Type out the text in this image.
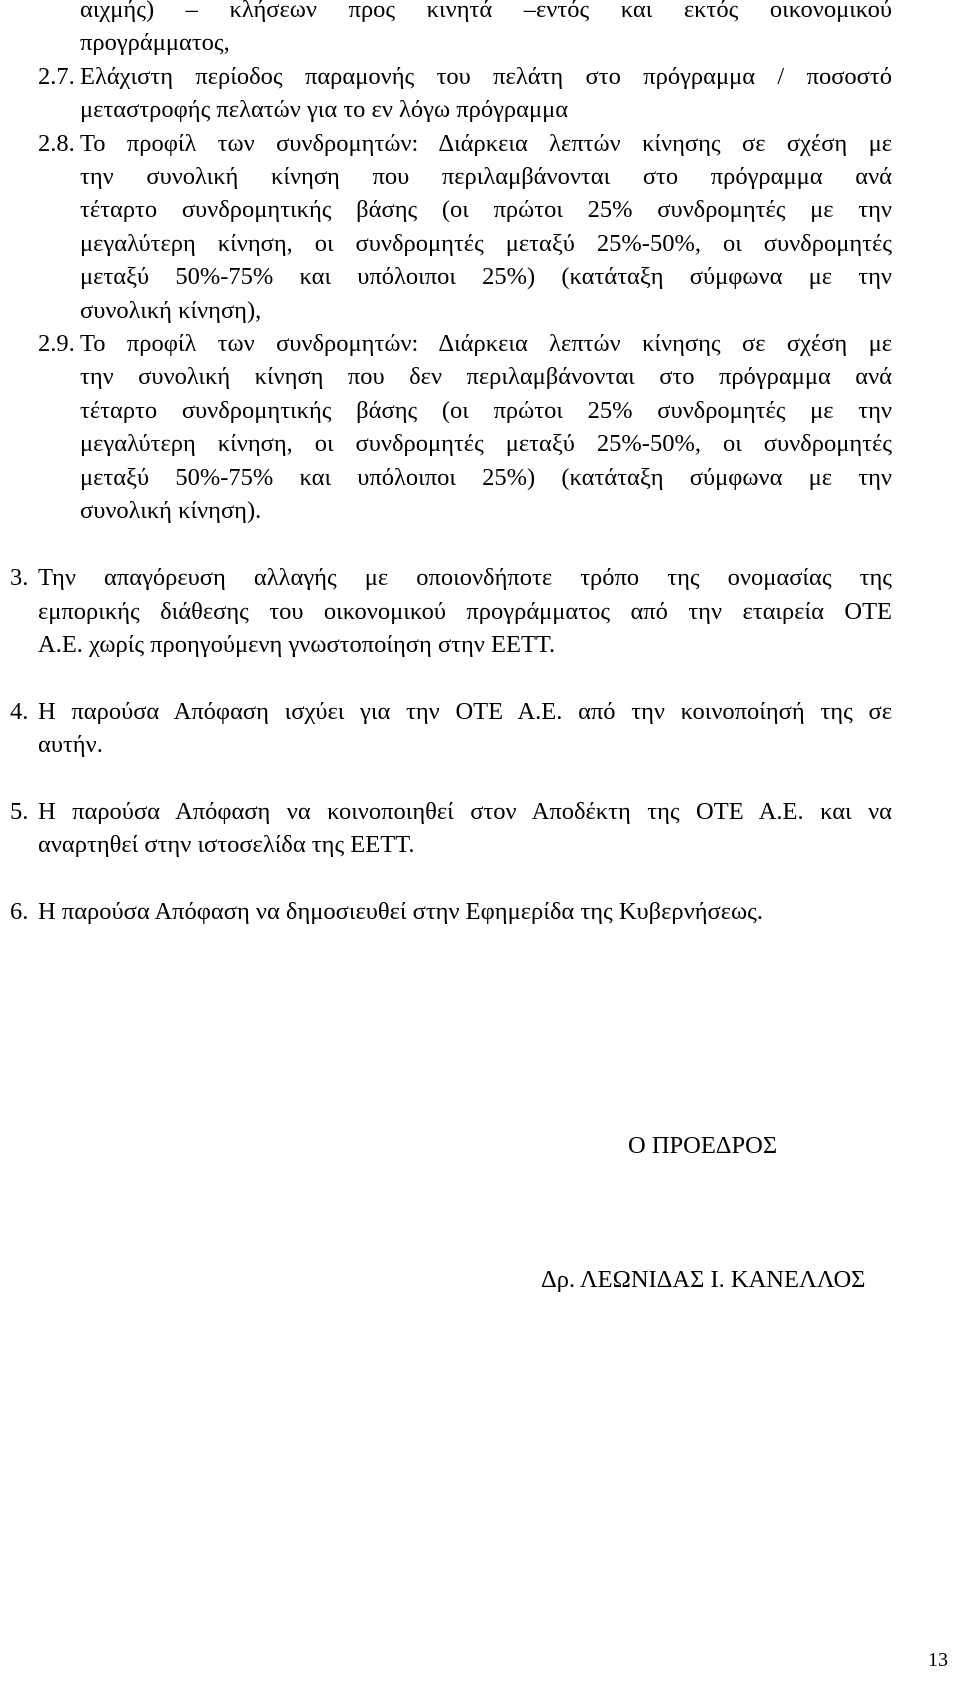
αιχμής) – κλήσεων προς κινητά –εντός και εκτός οικονομικού
προγράμματος,
2.7. Ελάχιστη περίοδος παραμονής του πελάτη στο πρόγραμμα / ποσοστό
μεταστροφής πελατών για το εν λόγω πρόγραμμα
2.8. Το προφίλ των συνδρομητών: Διάρκεια λεπτών κίνησης σε σχέση με
την συνολική κίνηση που περιλαμβάνονται στο πρόγραμμα ανά
τέταρτο συνδρομητικής βάσης (οι πρώτοι 25% συνδρομητές με την
μεγαλύτερη κίνηση, οι συνδρομητές μεταξύ 25%-50%, οι συνδρομητές
μεταξύ 50%-75% και υπόλοιποι 25%) (κατάταξη σύμφωνα με την
συνολική κίνηση),
2.9. Το προφίλ των συνδρομητών: Διάρκεια λεπτών κίνησης σε σχέση με
την συνολική κίνηση που δεν περιλαμβάνονται στο πρόγραμμα ανά
τέταρτο συνδρομητικής βάσης (οι πρώτοι 25% συνδρομητές με την
μεγαλύτερη κίνηση, οι συνδρομητές μεταξύ 25%-50%, οι συνδρομητές
μεταξύ 50%-75% και υπόλοιποι 25%) (κατάταξη σύμφωνα με την
συνολική κίνηση).
3. Την απαγόρευση αλλαγής με οποιονδήποτε τρόπο της ονομασίας της
εμπορικής διάθεσης του οικονομικού προγράμματος από την εταιρεία ΟΤΕ
Α.Ε. χωρίς προηγούμενη γνωστοποίηση στην ΕΕΤΤ.
4. Η παρούσα Απόφαση ισχύει για την ΟΤΕ Α.Ε. από την κοινοποίησή της σε
αυτήν.
5. Η παρούσα Απόφαση να κοινοποιηθεί στον Αποδέκτη της ΟΤΕ Α.Ε. και να
αναρτηθεί στην ιστοσελίδα της ΕΕΤΤ.
6. Η παρούσα Απόφαση να δημοσιευθεί στην Εφημερίδα της Κυβερνήσεως.
Ο ΠΡΟΕΔΡΟΣ
Δρ. ΛΕΩΝΙΔΑΣ Ι. ΚΑΝΕΛΛΟΣ
13
